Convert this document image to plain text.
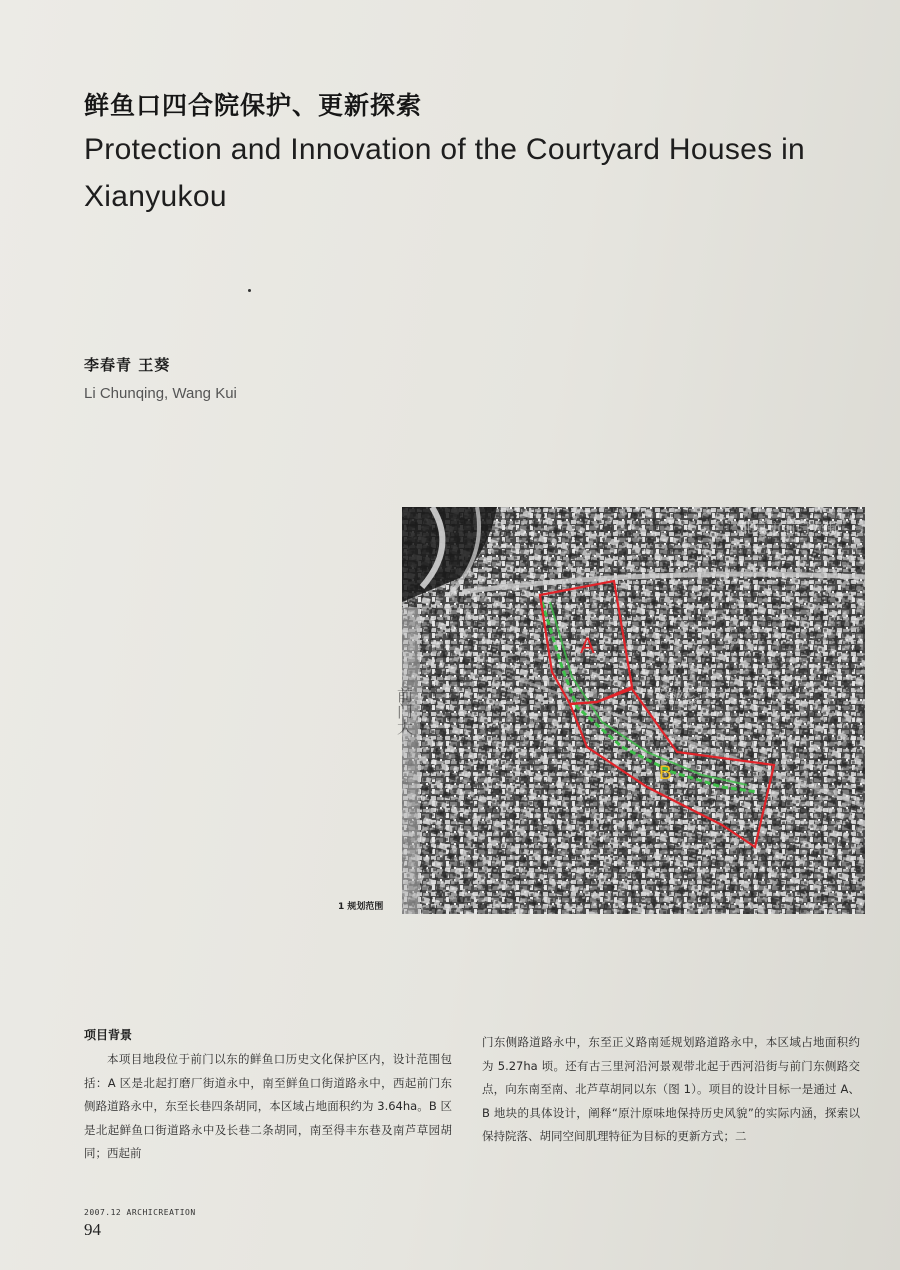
鲜鱼口四合院保护、更新探索
Protection and Innovation of the Courtyard Houses in Xianyukou
李春青 王葵
Li Chunqing, Wang Kui
A
B
北京市前门大街
长巷四条
前门大
1 规划范围
项目背景

本项目地段位于前门以东的鲜鱼口历史文化保护区内，设计范围包括：A 区是北起打磨厂街道永中，南至鲜鱼口街道路永中，西起前门东侧路道路永中，东至长巷四条胡同，本区域占地面积约为 3.64ha。B 区是北起鲜鱼口街道路永中及长巷二条胡同，南至得丰东巷及南芦草园胡同；西起前

门东侧路道路永中，东至正义路南延规划路道路永中，本区域占地面积约为 5.27ha 顷。还有古三里河沿河景观带北起于西河沿街与前门东侧路交点，向东南至南、北芦草胡同以东（图 1）。项目的设计目标一是通过 A、B 地块的具体设计，阐释“原汁原味地保持历史风貌”的实际内涵，探索以保持院落、胡同空间肌理特征为目标的更新方式；二

2007.12 ARCHICREATION
94
